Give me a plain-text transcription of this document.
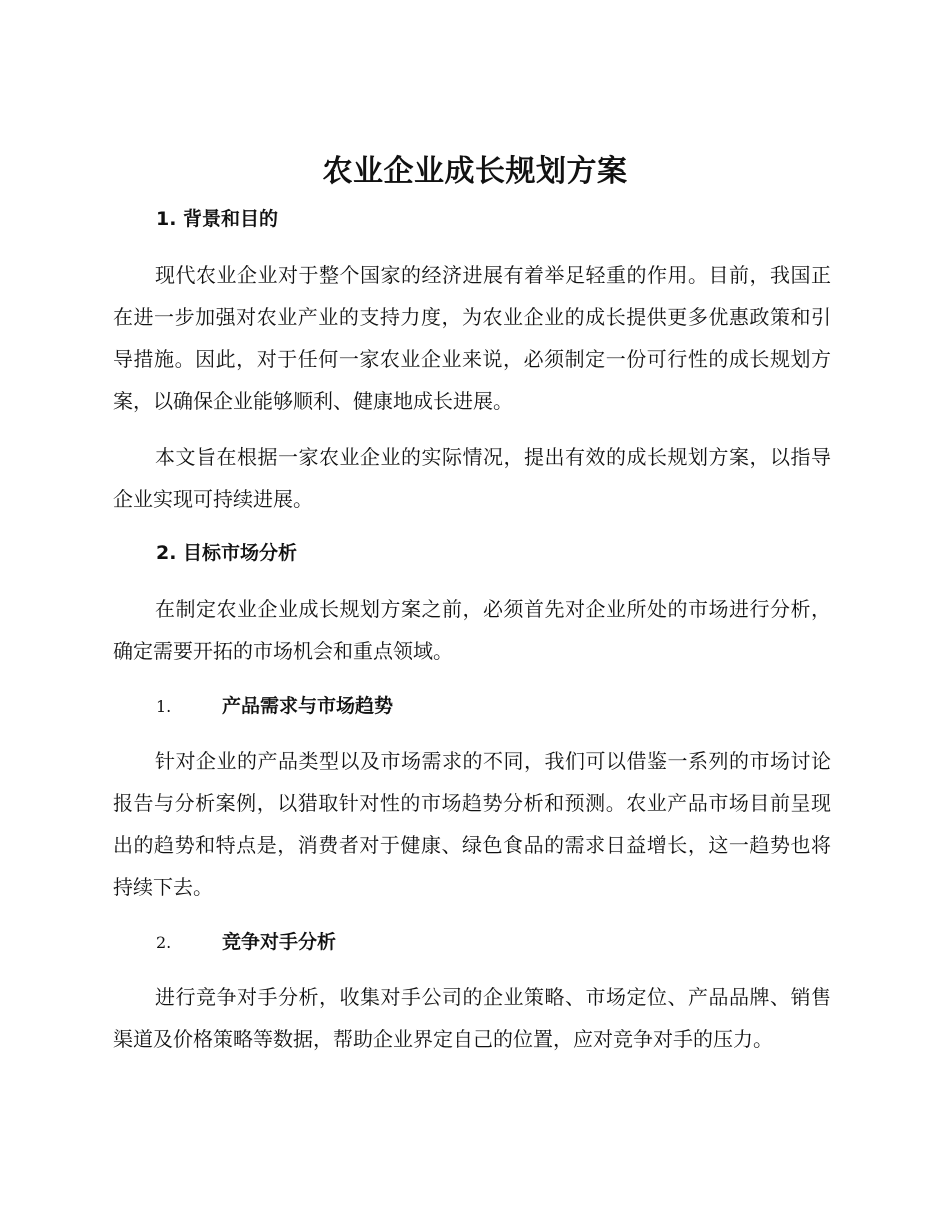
农业企业成长规划方案
1. 背景和目的

现代农业企业对于整个国家的经济进展有着举足轻重的作用。目前，我国正在进一步加强对农业产业的支持力度，为农业企业的成长提供更多优惠政策和引导措施。因此，对于任何一家农业企业来说，必须制定一份可行性的成长规划方案，以确保企业能够顺利、健康地成长进展。

本文旨在根据一家农业企业的实际情况，提出有效的成长规划方案，以指导企业实现可持续进展。

2. 目标市场分析

在制定农业企业成长规划方案之前，必须首先对企业所处的市场进行分析，确定需要开拓的市场机会和重点领域。

1.	产品需求与市场趋势

针对企业的产品类型以及市场需求的不同，我们可以借鉴一系列的市场讨论报告与分析案例，以猎取针对性的市场趋势分析和预测。农业产品市场目前呈现出的趋势和特点是，消费者对于健康、绿色食品的需求日益增长，这一趋势也将持续下去。

2.	竞争对手分析

进行竞争对手分析，收集对手公司的企业策略、市场定位、产品品牌、销售渠道及价格策略等数据，帮助企业界定自己的位置，应对竞争对手的压力。
